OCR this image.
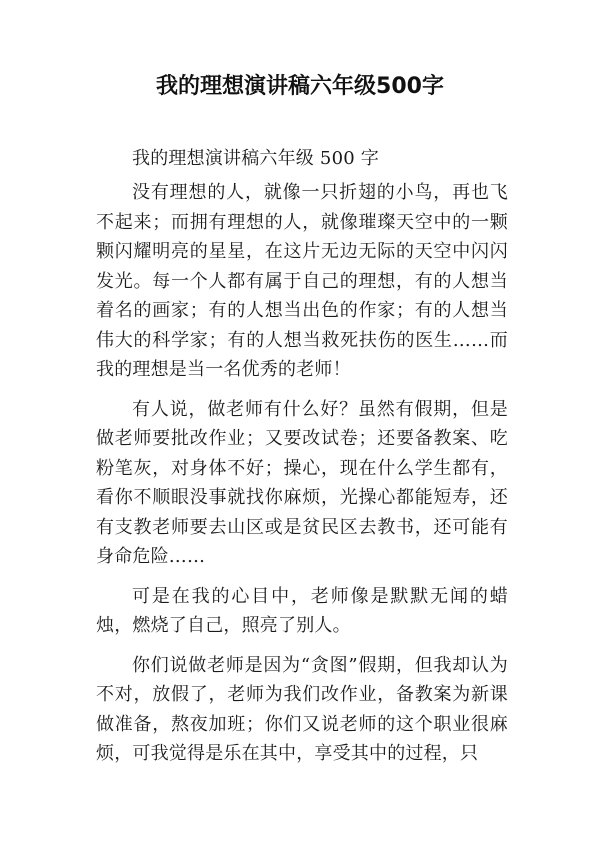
我的理想演讲稿六年级500字

我的理想演讲稿六年级 500 字

没有理想的人，就像一只折翅的小鸟，再也飞不起来；而拥有理想的人，就像璀璨天空中的一颗颗闪耀明亮的星星，在这片无边无际的天空中闪闪发光。每一个人都有属于自己的理想，有的人想当着名的画家；有的人想当出色的作家；有的人想当伟大的科学家；有的人想当救死扶伤的医生……而我的理想是当一名优秀的老师！

有人说，做老师有什么好？虽然有假期，但是做老师要批改作业；又要改试卷；还要备教案、吃粉笔灰，对身体不好；操心，现在什么学生都有，看你不顺眼没事就找你麻烦，光操心都能短寿，还有支教老师要去山区或是贫民区去教书，还可能有身命危险……

可是在我的心目中，老师像是默默无闻的蜡烛，燃烧了自己，照亮了别人。

你们说做老师是因为“贪图”假期，但我却认为不对，放假了，老师为我们改作业，备教案为新课做准备，熬夜加班；你们又说老师的这个职业很麻烦，可我觉得是乐在其中，享受其中的过程，只
